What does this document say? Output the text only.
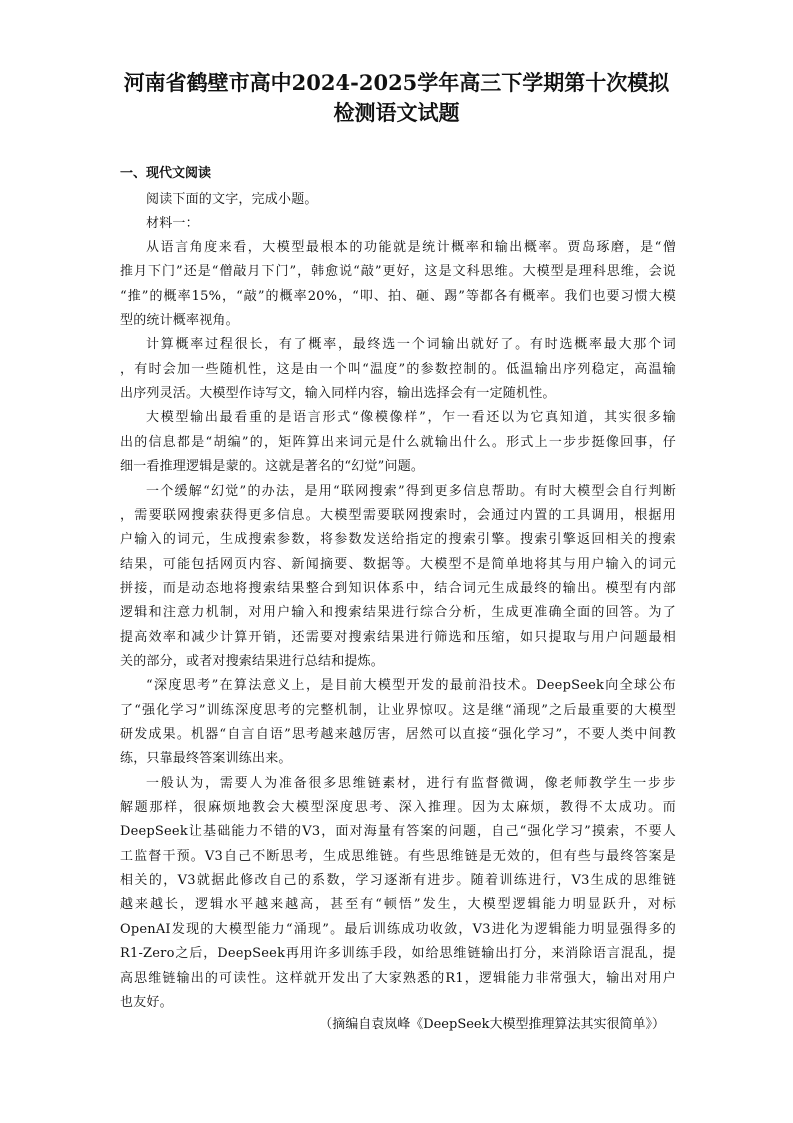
河南省鹤壁市高中2024-2025学年高三下学期第十次模拟
检测语文试题
一、现代文阅读
阅读下面的文字，完成小题。
材料一：
从语言角度来看，大模型最根本的功能就是统计概率和输出概率。贾岛琢磨，是“僧
推月下门”还是“僧敲月下门”，韩愈说“敲”更好，这是文科思维。大模型是理科思维，会说
“推”的概率15%，“敲”的概率20%，“叩、拍、砸、踢”等都各有概率。我们也要习惯大模
型的统计概率视角。
计算概率过程很长，有了概率，最终选一个词输出就好了。有时选概率最大那个词
，有时会加一些随机性，这是由一个叫“温度”的参数控制的。低温输出序列稳定，高温输
出序列灵活。大模型作诗写文，输入同样内容，输出选择会有一定随机性。
大模型输出最看重的是语言形式“像模像样”，乍一看还以为它真知道，其实很多输
出的信息都是“胡编”的，矩阵算出来词元是什么就输出什么。形式上一步步挺像回事，仔
细一看推理逻辑是蒙的。这就是著名的“幻觉”问题。
一个缓解“幻觉”的办法，是用“联网搜索”得到更多信息帮助。有时大模型会自行判断
，需要联网搜索获得更多信息。大模型需要联网搜索时，会通过内置的工具调用，根据用
户输入的词元，生成搜索参数，将参数发送给指定的搜索引擎。搜索引擎返回相关的搜索
结果，可能包括网页内容、新闻摘要、数据等。大模型不是简单地将其与用户输入的词元
拼接，而是动态地将搜索结果整合到知识体系中，结合词元生成最终的输出。模型有内部
逻辑和注意力机制，对用户输入和搜索结果进行综合分析，生成更准确全面的回答。为了
提高效率和减少计算开销，还需要对搜索结果进行筛选和压缩，如只提取与用户问题最相
关的部分，或者对搜索结果进行总结和提炼。
“深度思考”在算法意义上，是目前大模型开发的最前沿技术。DeepSeek向全球公布
了“强化学习”训练深度思考的完整机制，让业界惊叹。这是继“涌现”之后最重要的大模型
研发成果。机器“自言自语”思考越来越厉害，居然可以直接“强化学习”，不要人类中间教
练，只靠最终答案训练出来。
一般认为，需要人为准备很多思维链素材，进行有监督微调，像老师教学生一步步
解题那样，很麻烦地教会大模型深度思考、深入推理。因为太麻烦，教得不太成功。而
DeepSeek让基础能力不错的V3，面对海量有答案的问题，自己“强化学习”摸索，不要人
工监督干预。V3自己不断思考，生成思维链。有些思维链是无效的，但有些与最终答案是
相关的，V3就据此修改自己的系数，学习逐渐有进步。随着训练进行，V3生成的思维链
越来越长，逻辑水平越来越高，甚至有“顿悟”发生，大模型逻辑能力明显跃升，对标
OpenAI发现的大模型能力“涌现”。最后训练成功收敛，V3进化为逻辑能力明显强得多的
R1-Zero之后，DeepSeek再用许多训练手段，如给思维链输出打分，来消除语言混乱，提
高思维链输出的可读性。这样就开发出了大家熟悉的R1，逻辑能力非常强大，输出对用户
也友好。
（摘编自袁岚峰《DeepSeek大模型推理算法其实很简单》）
